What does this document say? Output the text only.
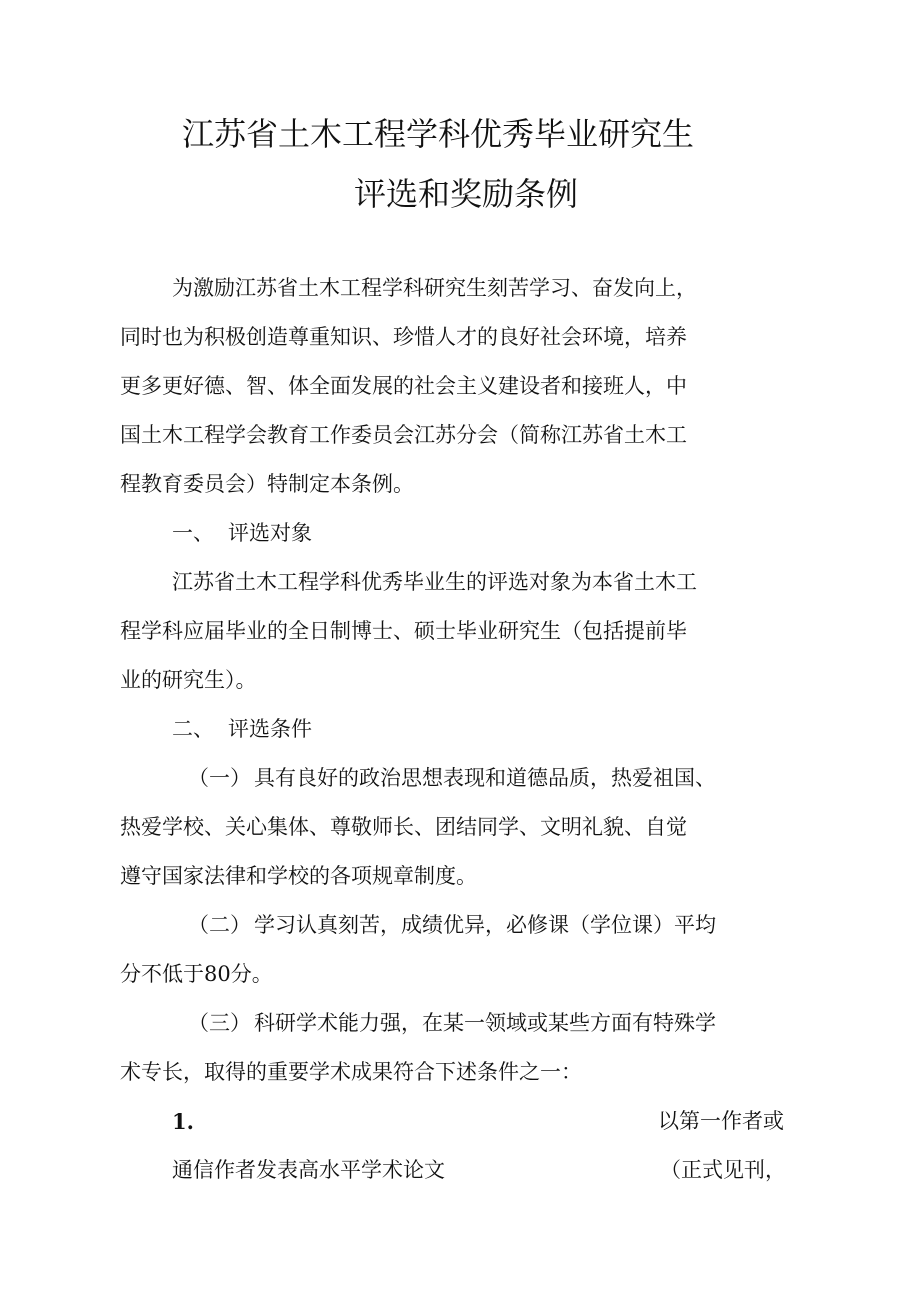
江苏省土木工程学科优秀毕业研究生
评选和奖励条例
为激励江苏省土木工程学科研究生刻苦学习、奋发向上，
同时也为积极创造尊重知识、珍惜人才的良好社会环境，培养
更多更好德、智、体全面发展的社会主义建设者和接班人，中
国土木工程学会教育工作委员会江苏分会（简称江苏省土木工
程教育委员会）特制定本条例。
一、 评选对象
江苏省土木工程学科优秀毕业生的评选对象为本省土木工
程学科应届毕业的全日制博士、硕士毕业研究生（包括提前毕
业的研究生）。
二、 评选条件
（一） 具有良好的政治思想表现和道德品质，热爱祖国、
热爱学校、关心集体、尊敬师长、团结同学、文明礼貌、自觉
遵守国家法律和学校的各项规章制度。
（二） 学习认真刻苦，成绩优异，必修课（学位课）平均
分不低于80分。
（三） 科研学术能力强，在某一领域或某些方面有特殊学
术专长，取得的重要学术成果符合下述条件之一：
1.	以第一作者或
通信作者发表高水平学术论文	（正式见刊，
